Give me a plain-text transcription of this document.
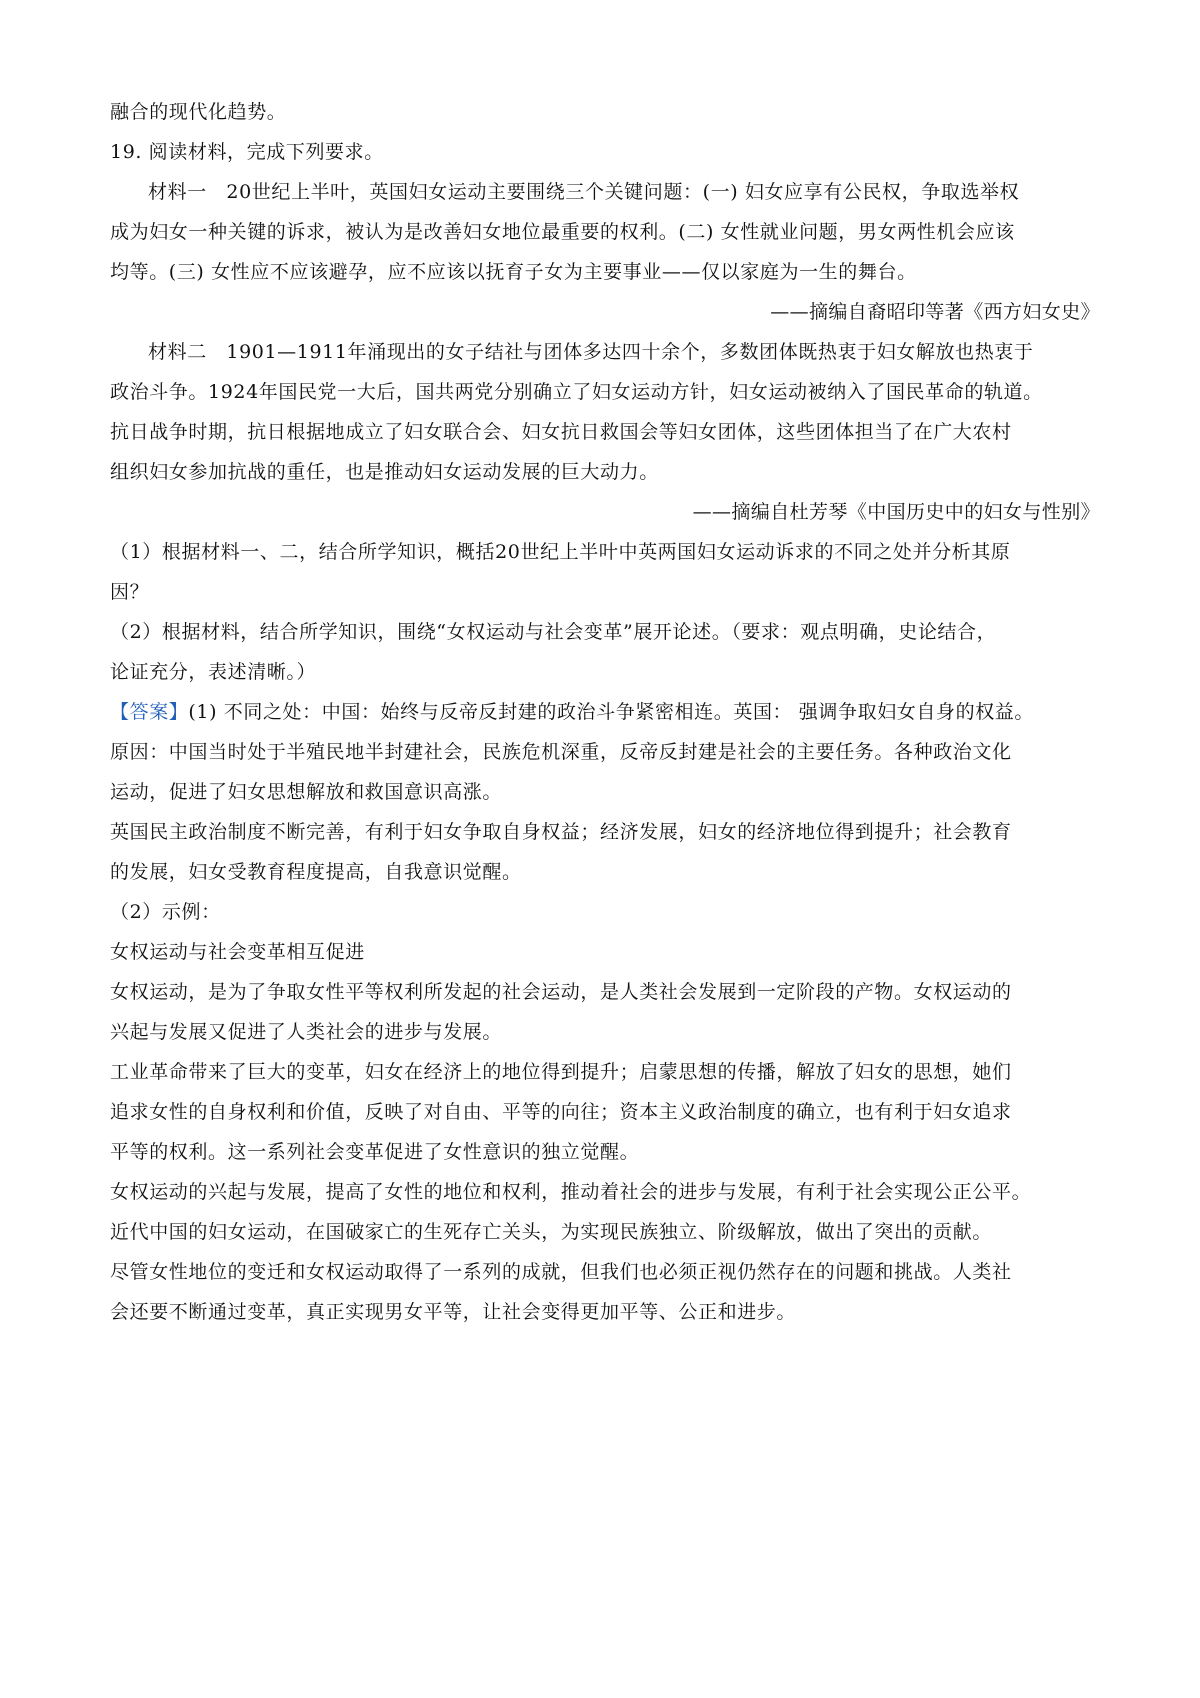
融合的现代化趋势。
19. 阅读材料，完成下列要求。
材料一　20世纪上半叶，英国妇女运动主要围绕三个关键问题：(一) 妇女应享有公民权，争取选举权
成为妇女一种关键的诉求，被认为是改善妇女地位最重要的权利。(二) 女性就业问题，男女两性机会应该
均等。(三) 女性应不应该避孕，应不应该以抚育子女为主要事业——仅以家庭为一生的舞台。
——摘编自裔昭印等著《西方妇女史》
材料二　1901—1911年涌现出的女子结社与团体多达四十余个，多数团体既热衷于妇女解放也热衷于
政治斗争。1924年国民党一大后，国共两党分别确立了妇女运动方针，妇女运动被纳入了国民革命的轨道。
抗日战争时期，抗日根据地成立了妇女联合会、妇女抗日救国会等妇女团体，这些团体担当了在广大农村
组织妇女参加抗战的重任，也是推动妇女运动发展的巨大动力。
——摘编自杜芳琴《中国历史中的妇女与性别》
（1）根据材料一、二，结合所学知识，概括20世纪上半叶中英两国妇女运动诉求的不同之处并分析其原
因？
（2）根据材料，结合所学知识，围绕“女权运动与社会变革”展开论述。（要求：观点明确，史论结合，
论证充分，表述清晰。）
【答案】(1) 不同之处：中国：始终与反帝反封建的政治斗争紧密相连。英国： 强调争取妇女自身的权益。
原因：中国当时处于半殖民地半封建社会，民族危机深重，反帝反封建是社会的主要任务。各种政治文化
运动，促进了妇女思想解放和救国意识高涨。
英国民主政治制度不断完善，有利于妇女争取自身权益；经济发展，妇女的经济地位得到提升；社会教育
的发展，妇女受教育程度提高，自我意识觉醒。
（2）示例：
女权运动与社会变革相互促进
女权运动，是为了争取女性平等权利所发起的社会运动，是人类社会发展到一定阶段的产物。女权运动的
兴起与发展又促进了人类社会的进步与发展。
工业革命带来了巨大的变革，妇女在经济上的地位得到提升；启蒙思想的传播，解放了妇女的思想，她们
追求女性的自身权利和价值，反映了对自由、平等的向往；资本主义政治制度的确立，也有利于妇女追求
平等的权利。这一系列社会变革促进了女性意识的独立觉醒。
女权运动的兴起与发展，提高了女性的地位和权利，推动着社会的进步与发展，有利于社会实现公正公平。
近代中国的妇女运动，在国破家亡的生死存亡关头，为实现民族独立、阶级解放，做出了突出的贡献。
尽管女性地位的变迁和女权运动取得了一系列的成就，但我们也必须正视仍然存在的问题和挑战。人类社
会还要不断通过变革，真正实现男女平等，让社会变得更加平等、公正和进步。
